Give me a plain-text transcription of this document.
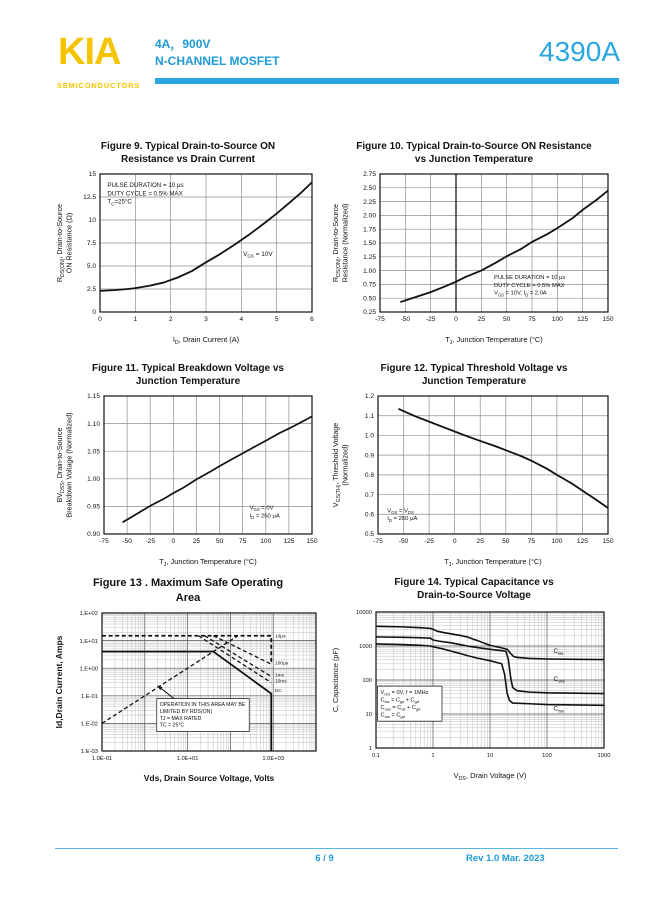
KIA
SEMICONDUCTORS
4A，900V
N-CHANNEL MOSFET	4390A
Figure 9. Typical Drain-to-Source ON
Resistance vs Drain Current
PULSE DURATION = 10 μs
DUTY CYCLE = 0.5% MAX
$T_C=25^\circ C$
$V_{GS} = 10V$
0	1	2	3	4	5	6
0
2.5
5.0
7.5
10
12.5
15
$I_D$, Drain Current (A)
$R_{DS(ON)}$, Drain-to-Source ON Resistance (Ω)
Figure 10. Typical Drain-to-Source ON Resistance
vs Junction Temperature
PULSE DURATION = 10 μs
DUTY CYCLE = 0.5% MAX
$V_{GS} = 10V$, $I_D = 2.0A$
-75 -50 -25	0	25	50	75 100 125 150
0.25
0.50
0.75
1.00
1.25
1.50
1.75
2.00
2.25
2.50
2.75
$T_J$, Junction Temperature (°C)
$R_{DS(ON)}$, Drain-to-Source Resistance (Normalized)
Figure 11. Typical Breakdown Voltage vs
Junction Temperature
$V_{GS} = 0V$
$I_D = 250$ μA
-75 -50 -25	0	25 50 75 100 125 150
0.90
0.95
1.00
1.05
1.10
1.15
$T_J$, Junction Temperature (°C)
$BV_{DSS}$, Drain-to-Source Breakdown Voltage (Normalized)
Figure 12. Typical Threshold Voltage vs
Junction Temperature
$V_{GS} = V_{DS}$
$I_D = 250$ μA
-75 -50 -25	0	25	50	75 100 125 150
0.5
0.6
0.7
0.8
0.9
1.0
1.1
1.2
$T_J$, Junction Temperature (°C)
$V_{GS(TH)}$, Threshold Voltage (Normalized)
Figure 13 . Maximum Safe Operating
Area
OPERATION IN THIS AREA MAY BE
LIMITED BY RDS(ON)
TJ = MAX RATED
TC = 25°C
10μs
100μs
1ms
10ms
DC
1.0E-01	1.0E+01	1.0E+03
1.E-03
1.E-02
1.E-01
1.E+00
1.E+01
1.E+02
Vds, Drain Source Voltage, Volts
Id,Drain Current, Amps
Figure 14. Typical Capacitance vs
Drain-to-Source Voltage
$V_{GS} = 0V$, f = 1MHz
$C_{iss} = C_{gs} + C_{gd}$
$C_{oss} = C_{ds} + C_{gd}$
$C_{rss} = C_{gd}$
$C_{iss}$
$C_{oss}$
$C_{rss}$
0.1	1	10	100	1000
1
10
100
1000
10000
$V_{DS}$, Drain Voltage (V)
C, Capacitance (pF)
6 / 9	Rev 1.0 Mar. 2023
